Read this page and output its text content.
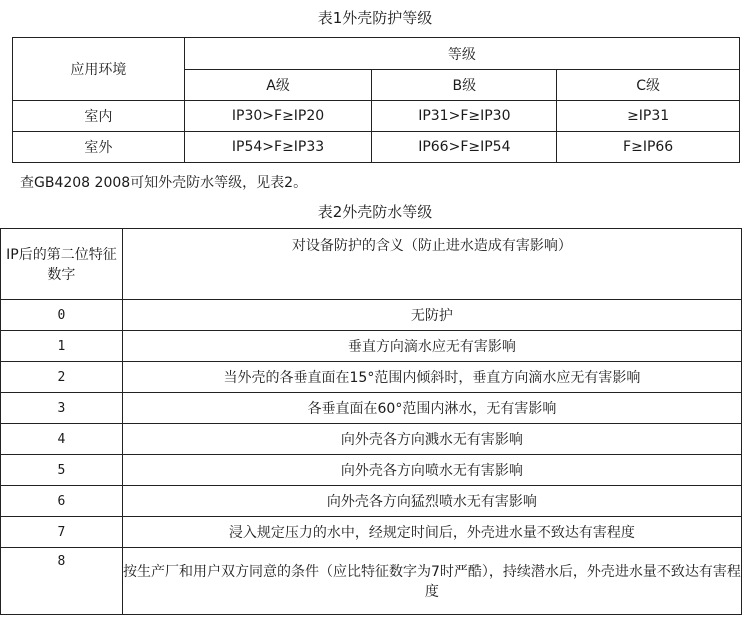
表1外壳防护等级
应用环境	等级		
	A级	B级	C级
室内	IP30>F≥IP20	IP31>F≥IP30	≥IP31
室外	IP54>F≥IP33	IP66>F≥IP54	F≥IP66
查GB4208 2008可知外壳防水等级，见表2。
表2外壳防水等级
IP后的第二位特征数字	对设备防护的含义（防止进水造成有害影响）
0	无防护
1	垂直方向滴水应无有害影响
2	当外壳的各垂直面在15°范围内倾斜时，垂直方向滴水应无有害影响
3	各垂直面在60°范围内淋水，无有害影响
4	向外壳各方向溅水无有害影响
5	向外壳各方向喷水无有害影响
6	向外壳各方向猛烈喷水无有害影响
7	浸入规定压力的水中，经规定时间后，外壳进水量不致达有害程度
8	按生产厂和用户双方同意的条件（应比特征数字为7时严酷），持续潜水后，外壳进水量不致达有害程度
